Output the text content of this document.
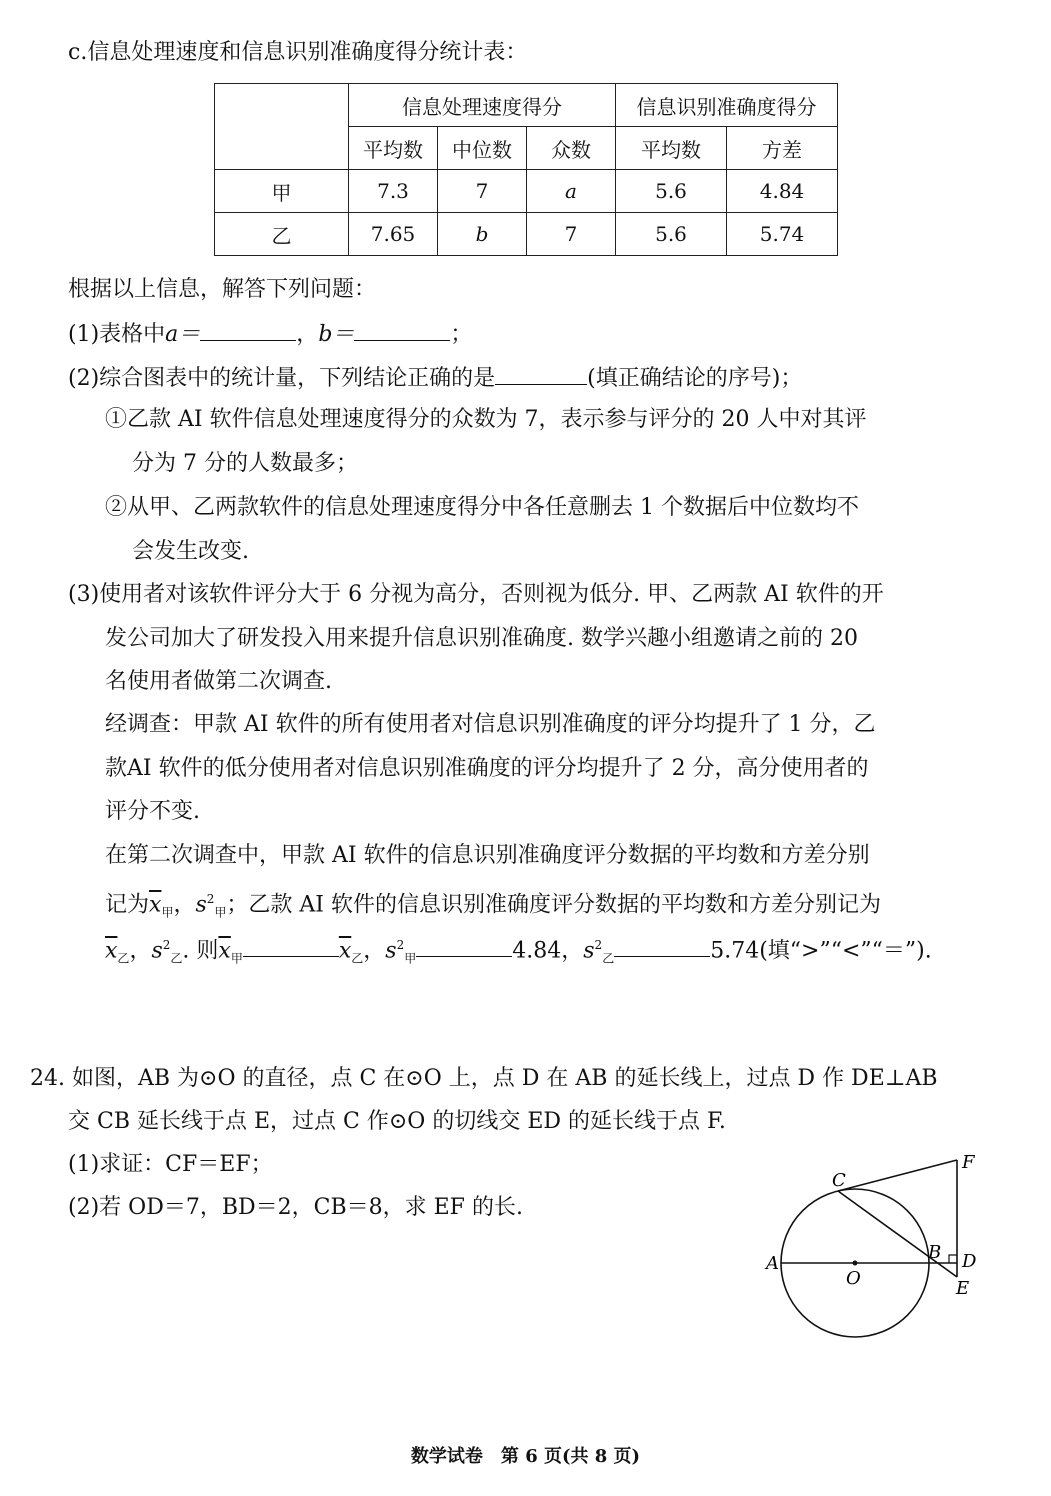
c.信息处理速度和信息识别准确度得分统计表：
	信息处理速度得分			信息识别准确度得分	
	平均数	中位数	众数	平均数	方差
甲	7.3	7	a	5.6	4.84
乙	7.65	b	7	5.6	5.74
根据以上信息，解答下列问题：
(1)表格中a＝	，b＝	；
(2)综合图表中的统计量，下列结论正确的是	(填正确结论的序号)；
①乙款 AI 软件信息处理速度得分的众数为 7，表示参与评分的 20 人中对其评
分为 7 分的人数最多；
②从甲、乙两款软件的信息处理速度得分中各任意删去 1 个数据后中位数均不
会发生改变.
(3)使用者对该软件评分大于 6 分视为高分，否则视为低分. 甲、乙两款 AI 软件的开
发公司加大了研发投入用来提升信息识别准确度. 数学兴趣小组邀请之前的 20
名使用者做第二次调查.
经调查：甲款 AI 软件的所有使用者对信息识别准确度的评分均提升了 1 分，乙
款AI 软件的低分使用者对信息识别准确度的评分均提升了 2 分，高分使用者的
评分不变.
在第二次调查中，甲款 AI 软件的信息识别准确度评分数据的平均数和方差分别
记为$\overline{x}_甲$，$s^2_甲$；乙款 AI 软件的信息识别准确度评分数据的平均数和方差分别记为
$\overline{x}_乙$，$s^2_乙$. 则$\overline{x}_甲$	$\overline{x}_乙$，$s^2_甲$	4.84，$s^2_乙$	5.74(填“>”“<”“＝”).
24. 如图，AB 为⊙O 的直径，点 C 在⊙O 上，点 D 在 AB 的延长线上，过点 D 作 DE⊥AB
交 CB 延长线于点 E，过点 C 作⊙O 的切线交 ED 的延长线于点 F.
(1)求证：CF＝EF；
(2)若 OD＝7，BD＝2，CB＝8，求 EF 的长.
A
O
B
C
D
E
F
数学试卷　第 6 页(共 8 页)
